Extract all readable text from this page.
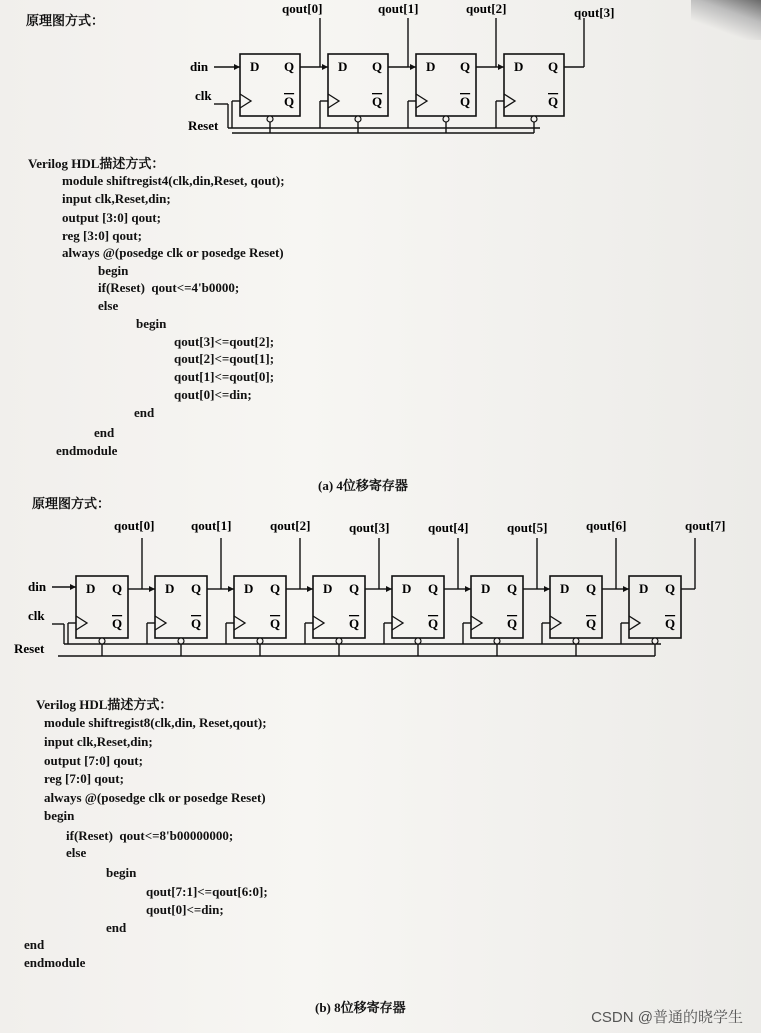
原理图方式：
din
clk
Reset
D Q
Q
qout[0]
D Q
Q
qout[1]
D Q
Q
qout[2]
D Q
Q
qout[3]
Verilog HDL描述方式：
module shiftregist4(clk,din,Reset, qout);
input clk,Reset,din;
output [3:0] qout;
reg [3:0] qout;
always @(posedge clk or posedge Reset)
begin
if(Reset)  qout<=4'b0000;
else
begin
qout[3]<=qout[2];
qout[2]<=qout[1];
qout[1]<=qout[0];
qout[0]<=din;
end
end
endmodule
(a) 4位移寄存器
原理图方式：
din
clk
Reset
D Q
Q
qout[0]
D Q
Q
qout[1]
D Q
Q
qout[2]
D Q
Q
qout[3]
D Q
Q
qout[4]
D Q
Q
qout[5]
D Q
Q
qout[6]
D Q
Q
qout[7]
Verilog HDL描述方式：
module shiftregist8(clk,din, Reset,qout);
input clk,Reset,din;
output [7:0] qout;
reg [7:0] qout;
always @(posedge clk or posedge Reset)
begin
if(Reset)  qout<=8'b00000000;
else
begin
qout[7:1]<=qout[6:0];
qout[0]<=din;
end
end
endmodule
(b) 8位移寄存器
CSDN @普通的晓学生
